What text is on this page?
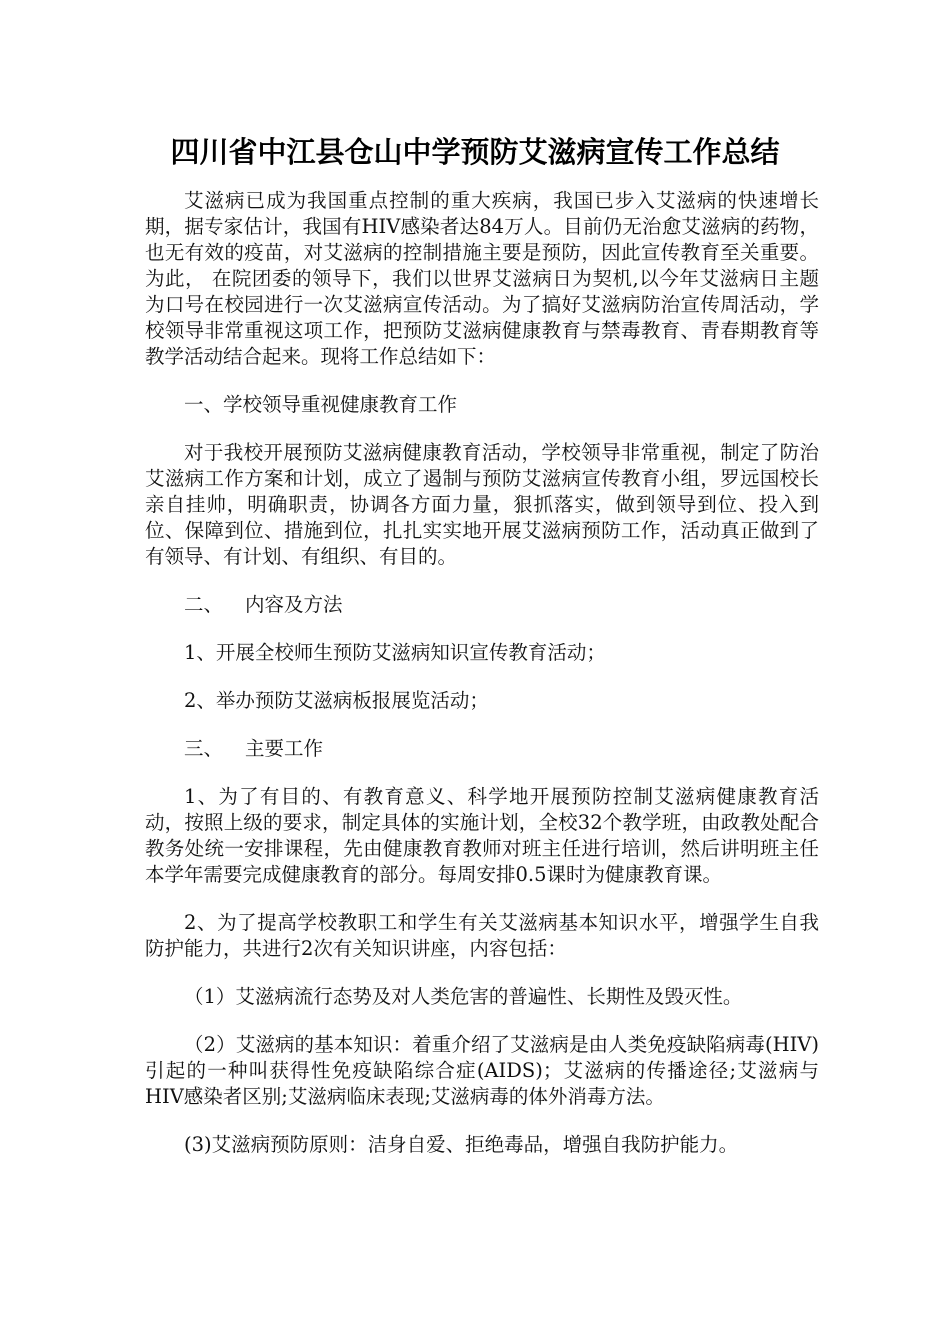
四川省中江县仓山中学预防艾滋病宣传工作总结

艾滋病已成为我国重点控制的重大疾病，我国已步入艾滋病的快速增长期，据专家估计，我国有HIV感染者达84万人。目前仍无治愈艾滋病的药物，也无有效的疫苗，对艾滋病的控制措施主要是预防，因此宣传教育至关重要。为此， 在院团委的领导下，我们以世界艾滋病日为契机,以今年艾滋病日主题为口号在校园进行一次艾滋病宣传活动。为了搞好艾滋病防治宣传周活动，学校领导非常重视这项工作，把预防艾滋病健康教育与禁毒教育、青春期教育等教学活动结合起来。现将工作总结如下：

一、学校领导重视健康教育工作

对于我校开展预防艾滋病健康教育活动，学校领导非常重视，制定了防治艾滋病工作方案和计划，成立了遏制与预防艾滋病宣传教育小组，罗远国校长亲自挂帅，明确职责，协调各方面力量，狠抓落实，做到领导到位、投入到位、保障到位、措施到位，扎扎实实地开展艾滋病预防工作，活动真正做到了有领导、有计划、有组织、有目的。

二、 内容及方法

1、开展全校师生预防艾滋病知识宣传教育活动；

2、举办预防艾滋病板报展览活动；

三、 主要工作

1、为了有目的、有教育意义、科学地开展预防控制艾滋病健康教育活动，按照上级的要求，制定具体的实施计划，全校32个教学班，由政教处配合教务处统一安排课程，先由健康教育教师对班主任进行培训，然后讲明班主任本学年需要完成健康教育的部分。每周安排0.5课时为健康教育课。

2、为了提高学校教职工和学生有关艾滋病基本知识水平，增强学生自我防护能力，共进行2次有关知识讲座，内容包括：

（1）艾滋病流行态势及对人类危害的普遍性、长期性及毁灭性。

（2）艾滋病的基本知识：着重介绍了艾滋病是由人类免疫缺陷病毒(HIV)引起的一种叫获得性免疫缺陷综合症(AIDS)；艾滋病的传播途径;艾滋病与HIV感染者区别;艾滋病临床表现;艾滋病毒的体外消毒方法。

(3)艾滋病预防原则：洁身自爱、拒绝毒品，增强自我防护能力。
